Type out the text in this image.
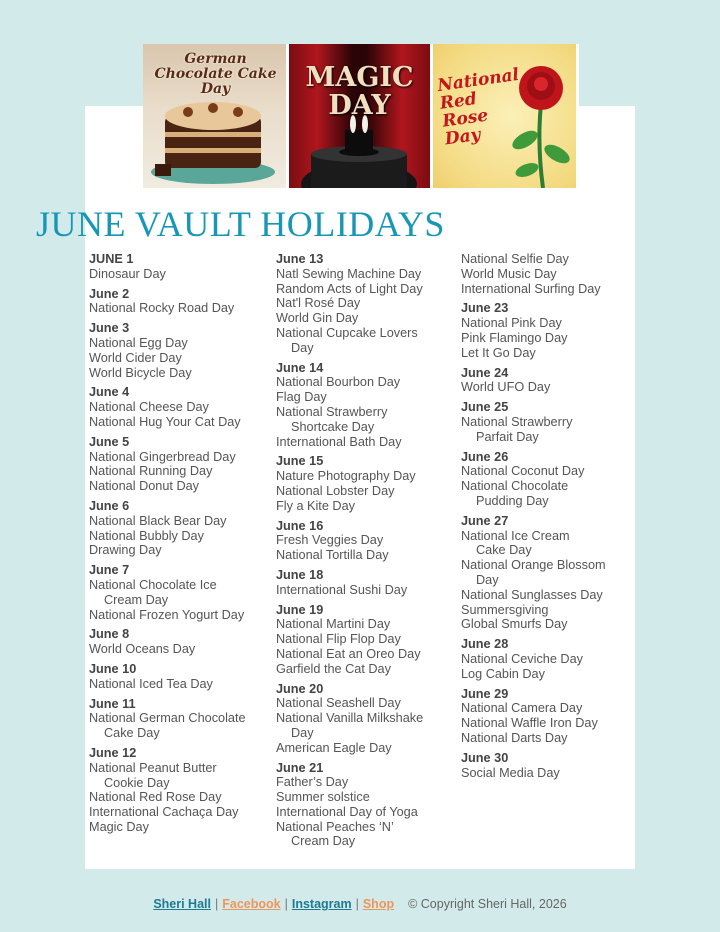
German Chocolate Cake Day	MAGIC DAY
National Red Rose Day
JUNE VAULT HOLIDAYS
JUNE 1
Dinosaur Day
June 2
National Rocky Road Day
June 3
National Egg Day
World Cider Day
World Bicycle Day
June 4
National Cheese Day
National Hug Your Cat Day
June 5
National Gingerbread Day
National Running Day
National Donut Day
June 6
National Black Bear Day
National Bubbly Day
Drawing Day
June 7
National Chocolate Ice
Cream Day
National Frozen Yogurt Day
June 8
World Oceans Day
June 10
National Iced Tea Day
June 11
National German Chocolate
Cake Day
June 12
National Peanut Butter
Cookie Day
National Red Rose Day
International Cachaça Day
Magic Day
June 13
Natl Sewing Machine Day
Random Acts of Light Day
Nat'l Rosé Day
World Gin Day
National Cupcake Lovers
Day
June 14
National Bourbon Day
Flag Day
National Strawberry
Shortcake Day
International Bath Day
June 15
Nature Photography Day
National Lobster Day
Fly a Kite Day
June 16
Fresh Veggies Day
National Tortilla Day
June 18
International Sushi Day
June 19
National Martini Day
National Flip Flop Day
National Eat an Oreo Day
Garfield the Cat Day
June 20
National Seashell Day
National Vanilla Milkshake
Day
American Eagle Day
June 21
Father’s Day
Summer solstice
International Day of Yoga
National Peaches ‘N’
Cream Day
National Selfie Day
World Music Day
International Surfing Day
June 23
National Pink Day
Pink Flamingo Day
Let It Go Day
June 24
World UFO Day
June 25
National Strawberry
Parfait Day
June 26
National Coconut Day
National Chocolate
Pudding Day
June 27
National Ice Cream
Cake Day
National Orange Blossom
Day
National Sunglasses Day
Summersgiving
Global Smurfs Day
June 28
National Ceviche Day
Log Cabin Day
June 29
National Camera Day
National Waffle Iron Day
National Darts Day
June 30
Social Media Day
Sheri Hall | Facebook | Instagram | Shop © Copyright Sheri Hall, 2026
